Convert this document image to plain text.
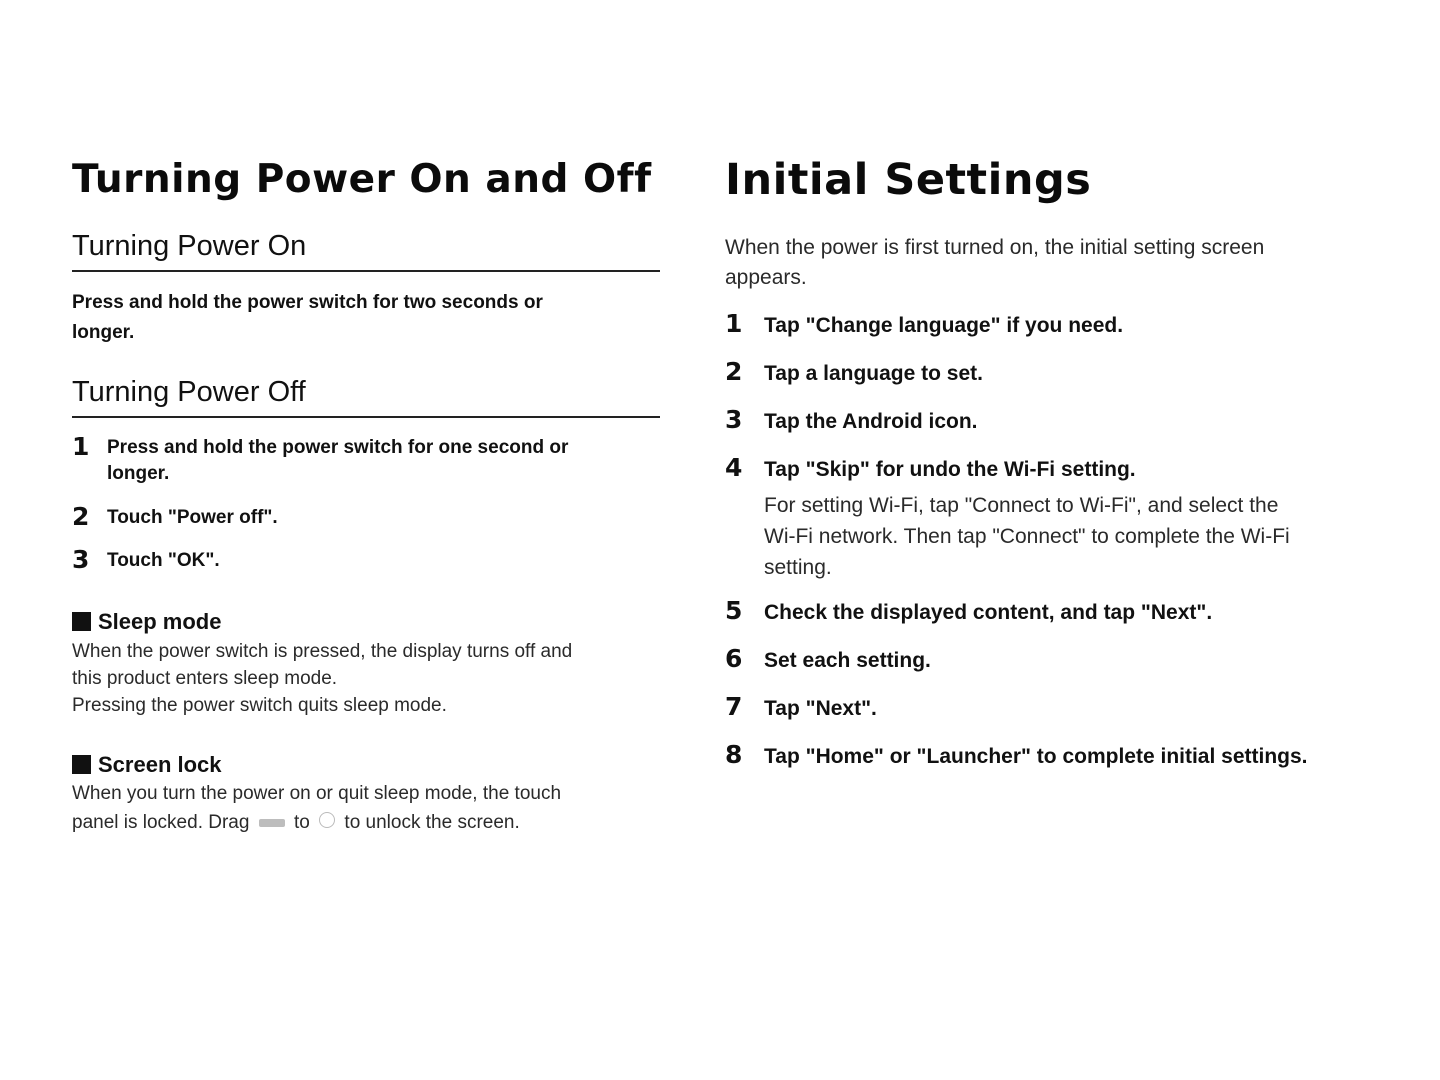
Turning Power On and Off
Turning Power On
Press and hold the power switch for two seconds or
longer.
Turning Power Off
1 Press and hold the power switch for one second or
longer.
2 Touch "Power off".
3 Touch "OK".
Sleep mode
When the power switch is pressed, the display turns off and
this product enters sleep mode.
Pressing the power switch quits sleep mode.
Screen lock
When you turn the power on or quit sleep mode, the touch
panel is locked. Drag to to unlock the screen.
Initial Settings
When the power is first turned on, the initial setting screen
appears.
1 Tap "Change language" if you need.
2 Tap a language to set.
3 Tap the Android icon.
4 Tap "Skip" for undo the Wi-Fi setting.
For setting Wi-Fi, tap "Connect to Wi-Fi", and select the
Wi-Fi network. Then tap "Connect" to complete the Wi-Fi
setting.
5 Check the displayed content, and tap "Next".
6 Set each setting.
7 Tap "Next".
8 Tap "Home" or "Launcher" to complete initial settings.
